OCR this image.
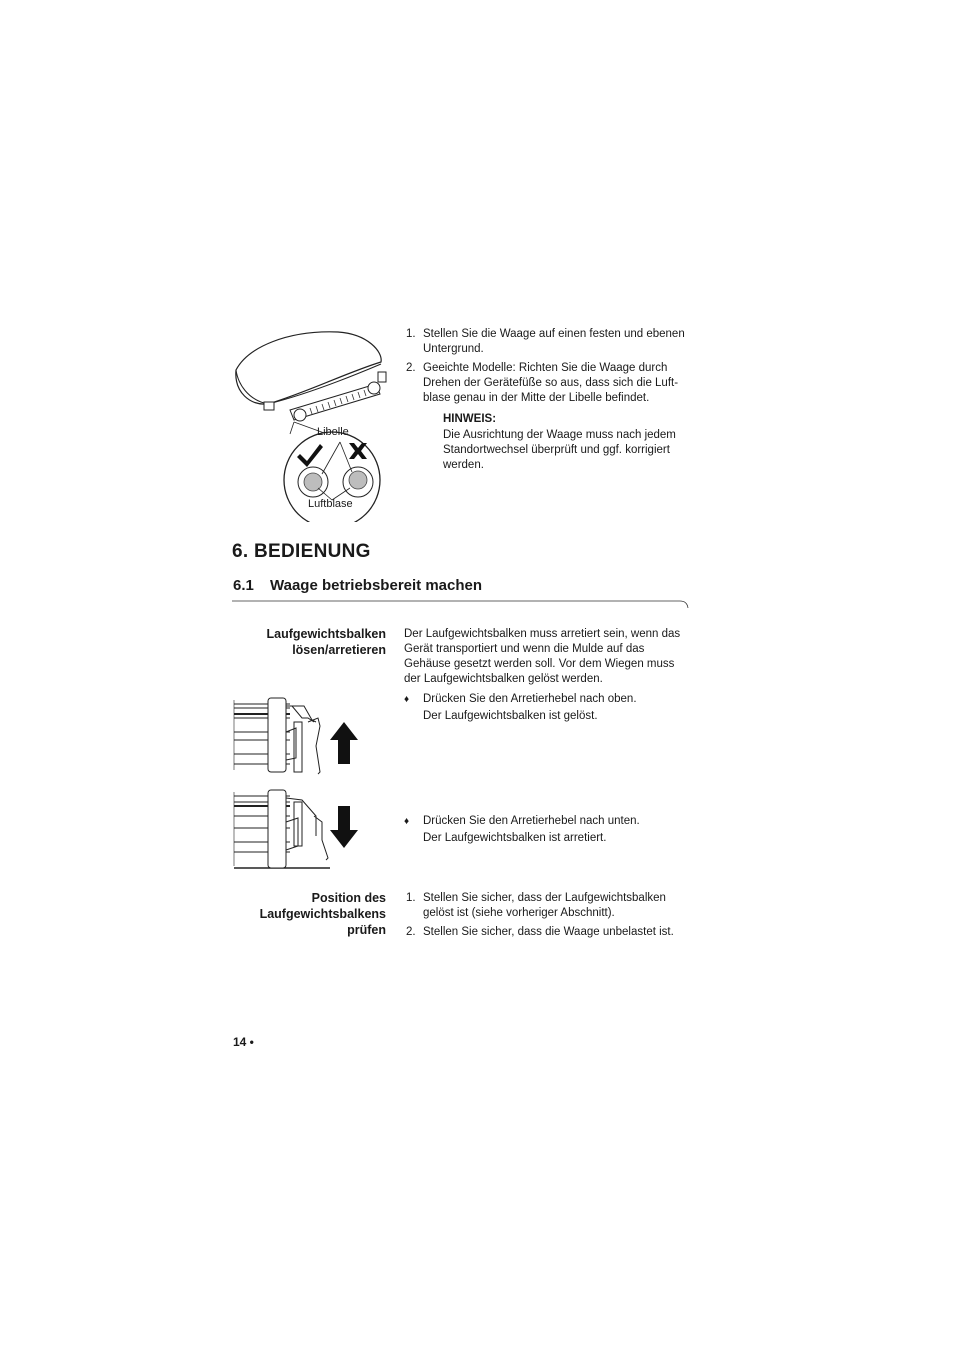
Libelle
Luftblase
1. Stellen Sie die Waage auf einen festen und ebenen Untergrund.
2. Geeichte Modelle: Richten Sie die Waage durch Drehen der Gerätefüße so aus, dass sich die Luft-blase genau in der Mitte der Libelle befindet.
HINWEIS:
Die Ausrichtung der Waage muss nach jedem Standortwechsel überprüft und ggf. korrigiert werden.
6. BEDIENUNG
6.1 Waage betriebsbereit machen
Laufgewichtsbalken lösen/arretieren
Der Laufgewichtsbalken muss arretiert sein, wenn das Gerät transportiert und wenn die Mulde auf das Gehäuse gesetzt werden soll. Vor dem Wiegen muss der Laufgewichtsbalken gelöst werden.
♦ Drücken Sie den Arretierhebel nach oben.
Der Laufgewichtsbalken ist gelöst.
♦ Drücken Sie den Arretierhebel nach unten.
Der Laufgewichtsbalken ist arretiert.
Position des Laufgewichtsbalkens prüfen
1. Stellen Sie sicher, dass der Laufgewichtsbalken gelöst ist (siehe vorheriger Abschnitt).
2. Stellen Sie sicher, dass die Waage unbelastet ist.
14 •
